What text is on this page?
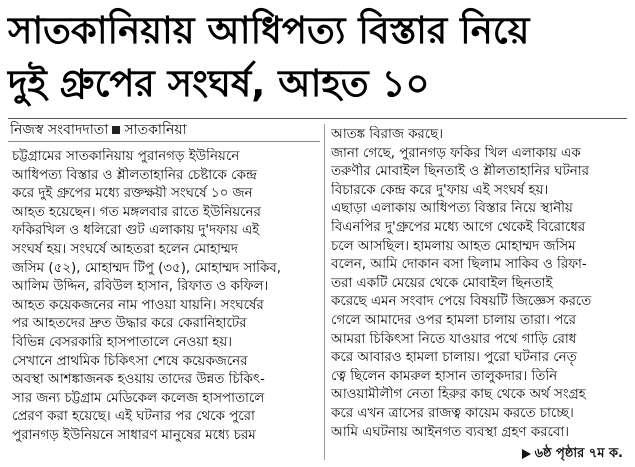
সাতকানিয়ায় আধিপত্য বিস্তার নিয়ে
দুই গ্রুপের সংঘর্ষ, আহত ১০
নিজস্ব সংবাদদাতা সাতকানিয়া

চট্টগ্রামের সাতকানিয়ায় পুরানগড় ইউনিয়নে

আধিপত্য বিস্তার ও শ্লীলতাহানির চেষ্টাকে কেন্দ্র

করে দুই গ্রুপের মধ্যে রক্তক্ষয়ী সংঘর্ষে ১০ জন

আহত হয়েছেন। গত মঙ্গলবার রাতে ইউনিয়নের

ফকিরখিল ও ধলিরো গুট এলাকায় দু'দফায় এই

সংঘর্ষ হয়। সংঘর্ষে আহতরা হলেন মোহাম্মদ

জসিম (৫২), মোহাম্মদ টিপু (৩৫), মোহাম্মদ সাকিব,

আলিম উদ্দিন, রবিউল হাসান, রিফাত ও কফিল।

আহত কয়েকজনের নাম পাওয়া যায়নি। সংঘর্ষের

পর আহতদের দ্রুত উদ্ধার করে কেরানিহাটের

বিভিন্ন বেসরকারি হাসপাতালে নেওয়া হয়।

সেখানে প্রাথমিক চিকিৎসা শেষে কয়েকজনের

অবস্থা আশঙ্কাজনক হওয়ায় তাদের উন্নত চিকিৎ-

সার জন্য চট্টগ্রাম মেডিকেল কলেজ হাসপাতালে

প্রেরণ করা হয়েছে। এই ঘটনার পর থেকে পুরো

পুরানগড় ইউনিয়নে সাধারণ মানুষের মধ্যে চরম

আতঙ্ক বিরাজ করছে।

জানা গেছে, পুরানগড় ফকির খিল এলাকায় এক

তরুণীর মোবাইল ছিনতাই ও শ্লীলতাহানির ঘটনার

বিচারকে কেন্দ্র করে দু'ফায় এই সংঘর্ষ হয়।

এছাড়া এলাকায় আধিপত্য বিস্তার নিয়ে স্থানীয়

বিএনপির দু'গ্রুপের মধ্যে আগে থেকেই বিরোধের

চলে আসছিল। হামলায় আহত মোহাম্মদ জসিম

বলেন, আমি দোকান বসা ছিলাম সাকিব ও রিফা-

তরা একটি মেয়ের থেকে মোবাইল ছিনতাই

করেছে এমন সংবাদ পেয়ে বিষয়টি জিজ্ঞেস করতে

গেলে আমাদের ওপর হামলা চালায় তারা। পরে

আমরা চিকিৎসা নিতে যাওয়ার পথে গাড়ি রোধ

করে আবারও হামলা চালায়। পুরো ঘটনার নেতৃ

ত্বে ছিলেন কামরুল হাসান তালুকদার। তিনি

আওয়ামীলীগ নেতা হিরুর কাছ থেকে অর্থ সংগ্রহ

করে এখন ত্রাসের রাজত্ব কায়েম করতে চাচ্ছে।

আমি এঘটনায় আইনগত ব্যবস্থা গ্রহণ করবো।

৬ষ্ঠ পৃষ্ঠার ৭ম ক.
